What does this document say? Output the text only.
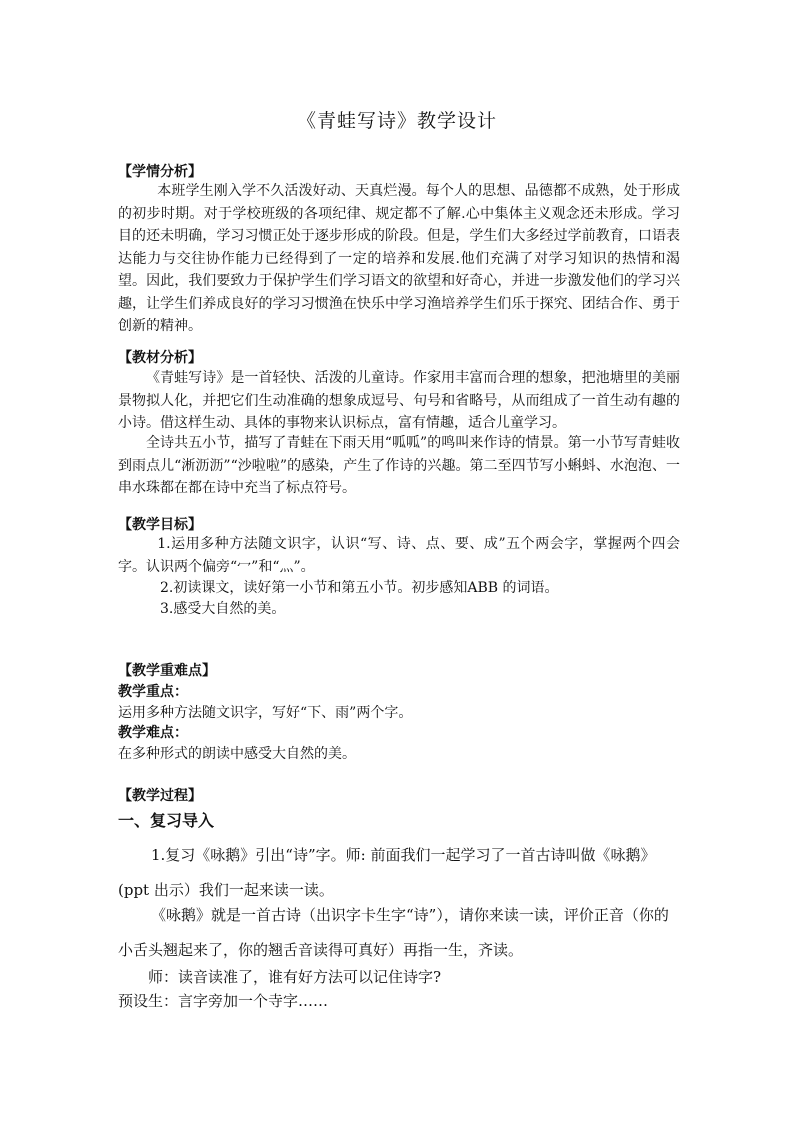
《青蛙写诗》教学设计

【学情分析】

本班学生刚入学不久活泼好动、天真烂漫。每个人的思想、品德都不成熟，处于形成的初步时期。对于学校班级的各项纪律、规定都不了解.心中集体主义观念还未形成。学习目的还未明确，学习习惯正处于逐步形成的阶段。但是，学生们大多经过学前教育，口语表达能力与交往协作能力已经得到了一定的培养和发展.他们充满了对学习知识的热情和渴望。因此，我们要致力于保护学生们学习语文的欲望和好奇心，并进一步激发他们的学习兴趣，让学生们养成良好的学习习惯渔在快乐中学习渔培养学生们乐于探究、团结合作、勇于创新的精神。

【教材分析】

《青蛙写诗》是一首轻快、活泼的儿童诗。作家用丰富而合理的想象，把池塘里的美丽景物拟人化，并把它们生动准确的想象成逗号、句号和省略号，从而组成了一首生动有趣的小诗。借这样生动、具体的事物来认识标点，富有情趣，适合儿童学习。

全诗共五小节，描写了青蛙在下雨天用“呱呱”的鸣叫来作诗的情景。第一小节写青蛙收到雨点儿“淅沥沥”“沙啦啦”的感染，产生了作诗的兴趣。第二至四节写小蝌蚪、水泡泡、一串水珠都在都在诗中充当了标点符号。

【教学目标】

1.运用多种方法随文识字，认识“写、诗、点、要、成”五个两会字，掌握两个四会字。认识两个偏旁“冖”和“灬”。

2.初读课文，读好第一小节和第五小节。初步感知ABB 的词语。

3.感受大自然的美。

【教学重难点】

教学重点：

运用多种方法随文识字，写好“下、雨”两个字。

教学难点：

在多种形式的朗读中感受大自然的美。

【教学过程】

一、复习导入

1.复习《咏鹅》引出“诗”字。师: 前面我们一起学习了一首古诗叫做《咏鹅》(ppt 出示）我们一起来读一读。

《咏鹅》就是一首古诗（出识字卡生字“诗”），请你来读一读，评价正音（你的小舌头翘起来了，你的翘舌音读得可真好）再指一生，齐读。

师：读音读准了，谁有好方法可以记住诗字?

预设生：言字旁加一个寺字……
